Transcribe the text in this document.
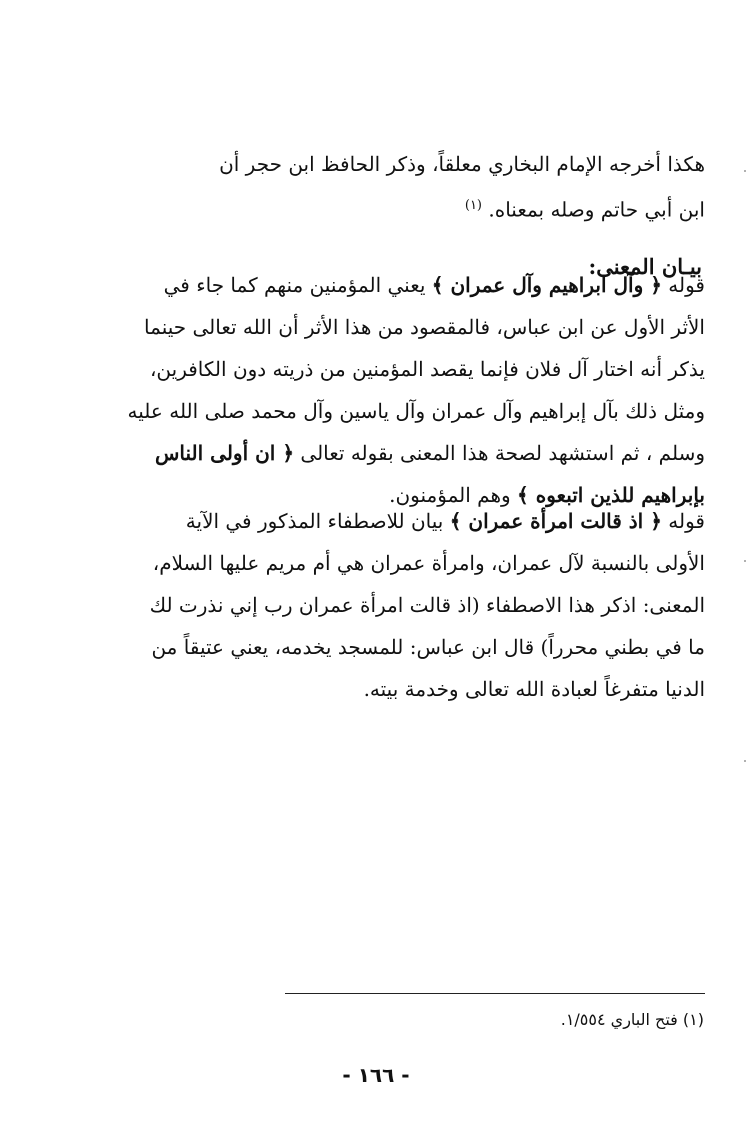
هكذا أخرجه الإمام البخاري معلقاً، وذكر الحافظ ابن حجر أن
ابن أبي حاتم وصله بمعناه. $^{(١)}$
بيـان المعنى:
قوله ﴿ وآل ابراهيم وآل عمران ﴾ يعني المؤمنين منهم كما جاء في
الأثر الأول عن ابن عباس، فالمقصود من هذا الأثر أن الله تعالى حينما
يذكر أنه اختار آل فلان فإنما يقصد المؤمنين من ذريته دون الكافرين،
ومثل ذلك بآل إبراهيم وآل عمران وآل ياسين وآل محمد صلى الله عليه
وسلم ، ثم استشهد لصحة هذا المعنى بقوله تعالى ﴿ ان أولى الناس
بإبراهيم للذين اتبعوه ﴾ وهم المؤمنون.
قوله ﴿ اذ قالت امرأة عمران ﴾ بيان للاصطفاء المذكور في الآية
الأولى بالنسبة لآل عمران، وامرأة عمران هي أم مريم عليها السلام،
المعنى: اذكر هذا الاصطفاء (اذ قالت امرأة عمران رب إني نذرت لك
ما في بطني محرراً) قال ابن عباس: للمسجد يخدمه، يعني عتيقاً من
الدنيا متفرغاً لعبادة الله تعالى وخدمة بيته.
(١) فتح الباري ١/٥٥٤.
- ١٦٦ -
